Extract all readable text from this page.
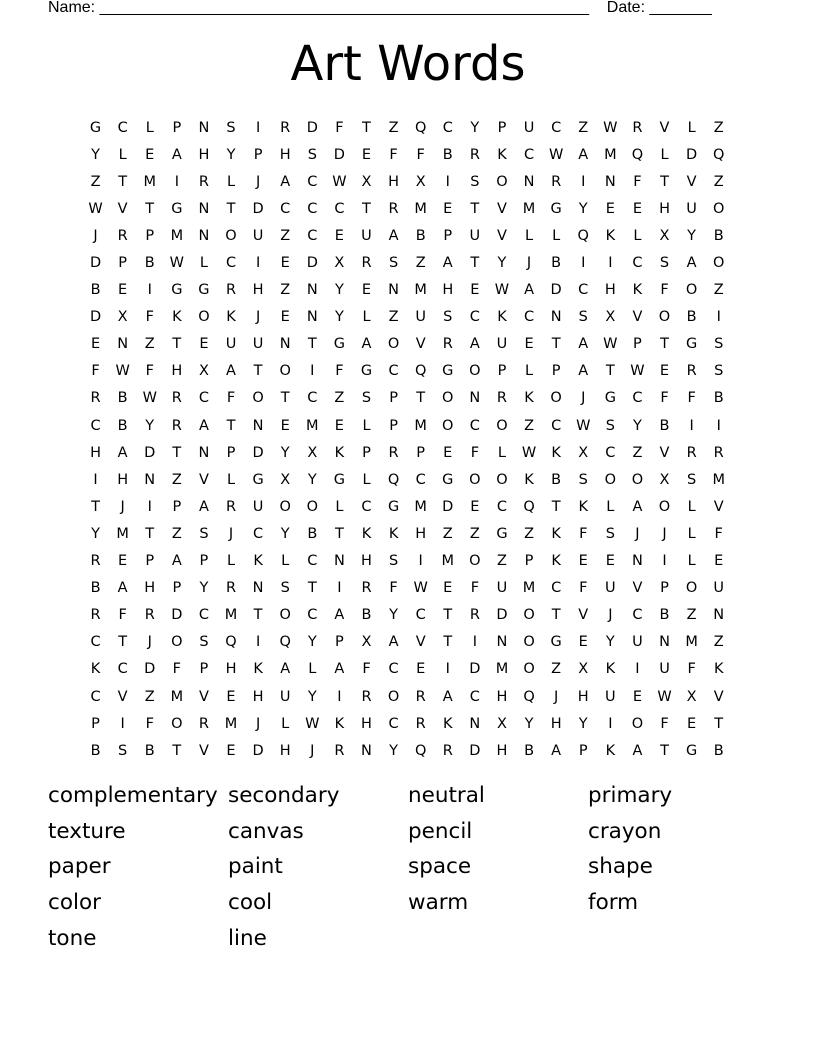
Name: _______________________________________________________    Date: _______
Art Words
G	C	L	P	N	S	I	R	D	F	T	Z	Q	C	Y	P	U	C	Z	W	R	V	L	Z
Y	L	E	A	H	Y	P	H	S	D	E	F	F	B	R	K	C	W	A	M	Q	L	D	Q
Z	T	M	I	R	L	J	A	C	W	X	H	X	I	S	O	N	R	I	N	F	T	V	Z
W	V	T	G	N	T	D	C	C	C	T	R	M	E	T	V	M	G	Y	E	E	H	U	O
J	R	P	M	N	O	U	Z	C	E	U	A	B	P	U	V	L	L	Q	K	L	X	Y	B
D	P	B	W	L	C	I	E	D	X	R	S	Z	A	T	Y	J	B	I	I	C	S	A	O
B	E	I	G	G	R	H	Z	N	Y	E	N	M	H	E	W	A	D	C	H	K	F	O	Z
D	X	F	K	O	K	J	E	N	Y	L	Z	U	S	C	K	C	N	S	X	V	O	B	I
E	N	Z	T	E	U	U	N	T	G	A	O	V	R	A	U	E	T	A	W	P	T	G	S
F	W	F	H	X	A	T	O	I	F	G	C	Q	G	O	P	L	P	A	T	W	E	R	S
R	B	W	R	C	F	O	T	C	Z	S	P	T	O	N	R	K	O	J	G	C	F	F	B
C	B	Y	R	A	T	N	E	M	E	L	P	M	O	C	O	Z	C	W	S	Y	B	I	I
H	A	D	T	N	P	D	Y	X	K	P	R	P	E	F	L	W	K	X	C	Z	V	R	R
I	H	N	Z	V	L	G	X	Y	G	L	Q	C	G	O	O	K	B	S	O	O	X	S	M
T	J	I	P	A	R	U	O	O	L	C	G	M	D	E	C	Q	T	K	L	A	O	L	V
Y	M	T	Z	S	J	C	Y	B	T	K	K	H	Z	Z	G	Z	K	F	S	J	J	L	F
R	E	P	A	P	L	K	L	C	N	H	S	I	M	O	Z	P	K	E	E	N	I	L	E
B	A	H	P	Y	R	N	S	T	I	R	F	W	E	F	U	M	C	F	U	V	P	O	U
R	F	R	D	C	M	T	O	C	A	B	Y	C	T	R	D	O	T	V	J	C	B	Z	N
C	T	J	O	S	Q	I	Q	Y	P	X	A	V	T	I	N	O	G	E	Y	U	N	M	Z
K	C	D	F	P	H	K	A	L	A	F	C	E	I	D	M	O	Z	X	K	I	U	F	K
C	V	Z	M	V	E	H	U	Y	I	R	O	R	A	C	H	Q	J	H	U	E	W	X	V
P	I	F	O	R	M	J	L	W	K	H	C	R	K	N	X	Y	H	Y	I	O	F	E	T
B	S	B	T	V	E	D	H	J	R	N	Y	Q	R	D	H	B	A	P	K	A	T	G	B
complementary secondary	neutral	primary
texture	canvas	pencil	crayon
paper	paint	space	shape
color	cool	warm	form
tone	line
